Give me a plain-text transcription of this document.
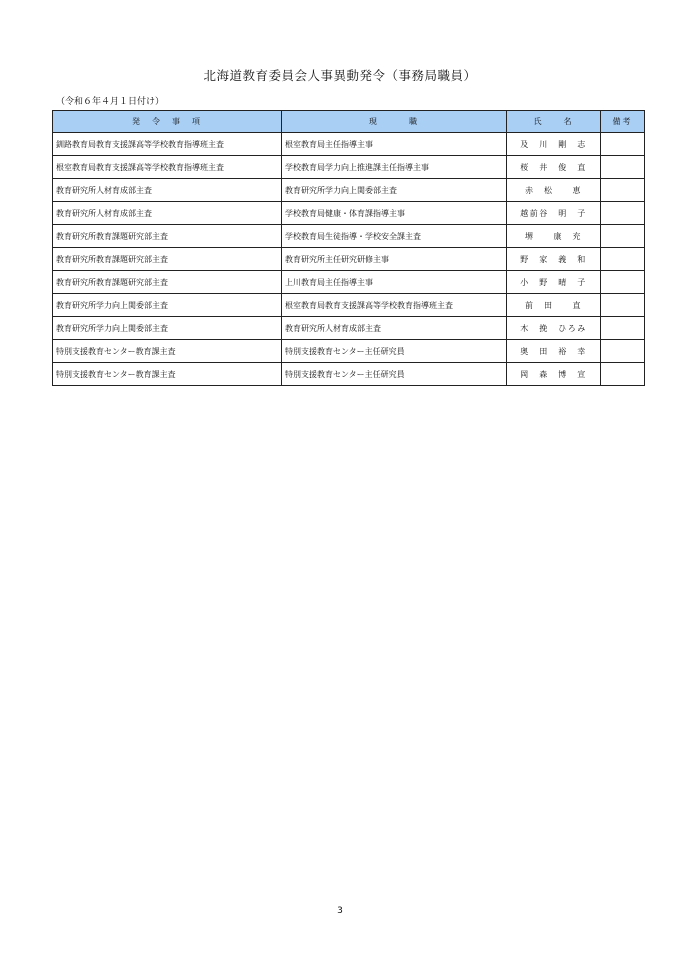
北海道教育委員会人事異動発令（事務局職員）
（令和６年４月１日付け）
発　令　事　項	現　　　職	氏　　名	備考
釧路教育局教育支援課高等学校教育指導班主査	根室教育局主任指導主事	及　川　剛　志	
根室教育局教育支援課高等学校教育指導班主査	学校教育局学力向上推進課主任指導主事	桜　井　俊　直	
教育研究所人材育成部主査	教育研究所学力向上関委部主査	赤　松　　恵	
教育研究所人材育成部主査	学校教育局健康・体育課指導主事	越前谷　明　子	
教育研究所教育課題研究部主査	学校教育局生徒指導・学校安全課主査	堺　　康　充	
教育研究所教育課題研究部主査	教育研究所主任研究研修主事	野　家　義　和	
教育研究所教育課題研究部主査	上川教育局主任指導主事	小　野　晴　子	
教育研究所学力向上関委部主査	根室教育局教育支援課高等学校教育指導班主査	前　田　　直	
教育研究所学力向上関委部主査	教育研究所人材育成部主査	木　挽　ひろみ	
特別支援教育センター教育課主査	特別支援教育センター主任研究員	奥　田　裕　幸	
特別支援教育センター教育課主査	特別支援教育センター主任研究員	岡　森　博　宣	
3
